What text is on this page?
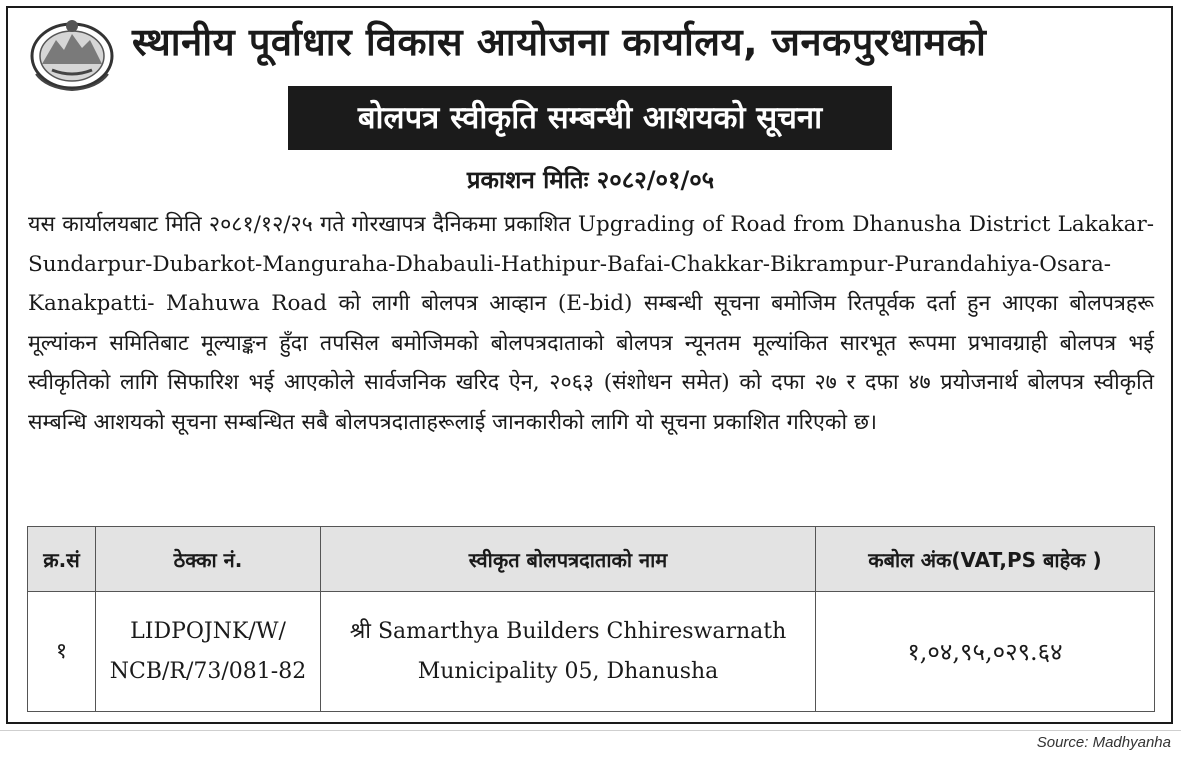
स्थानीय पूर्वाधार विकास आयोजना कार्यालय, जनकपुरधामको
बोलपत्र स्वीकृति सम्बन्धी आशयको सूचना
प्रकाशन मितिः २०८२/०१/०५
यस कार्यालयबाट मिति २०८१/१२/२५ गते गोरखापत्र दैनिकमा प्रकाशित Upgrading of Road from Dhanusha District Lakakar-Sundarpur-Dubarkot-Manguraha-Dhabauli-Hathipur-Bafai-Chakkar-Bikrampur-Purandahiya-Osara-Kanakpatti- Mahuwa Road को लागी बोलपत्र आव्हान (E-bid) सम्बन्धी सूचना बमोजिम रितपूर्वक दर्ता हुन आएका बोलपत्रहरू मूल्यांकन समितिबाट मूल्याङ्कन हुँदा तपसिल बमोजिमको बोलपत्रदाताको बोलपत्र न्यूनतम मूल्यांकित सारभूत रूपमा प्रभावग्राही बोलपत्र भई स्वीकृतिको लागि सिफारिश भई आएकोले सार्वजनिक खरिद ऐन, २०६३ (संशोधन समेत) को दफा २७ र दफा ४७ प्रयोजनार्थ बोलपत्र स्वीकृति सम्बन्धि आशयको सूचना सम्बन्धित सबै बोलपत्रदाताहरूलाई जानकारीको लागि यो सूचना प्रकाशित गरिएको छ।
क्र.सं	ठेक्का नं.	स्वीकृत बोलपत्रदाताको नाम	कबोल अंक(VAT,PS बाहेक )
१	LIDPOJNK/W/ NCB/R/73/081-82	श्री Samarthya Builders Chhireswarnath Municipality 05, Dhanusha	१,०४,९५,०२९.६४
Source: Madhyanha
